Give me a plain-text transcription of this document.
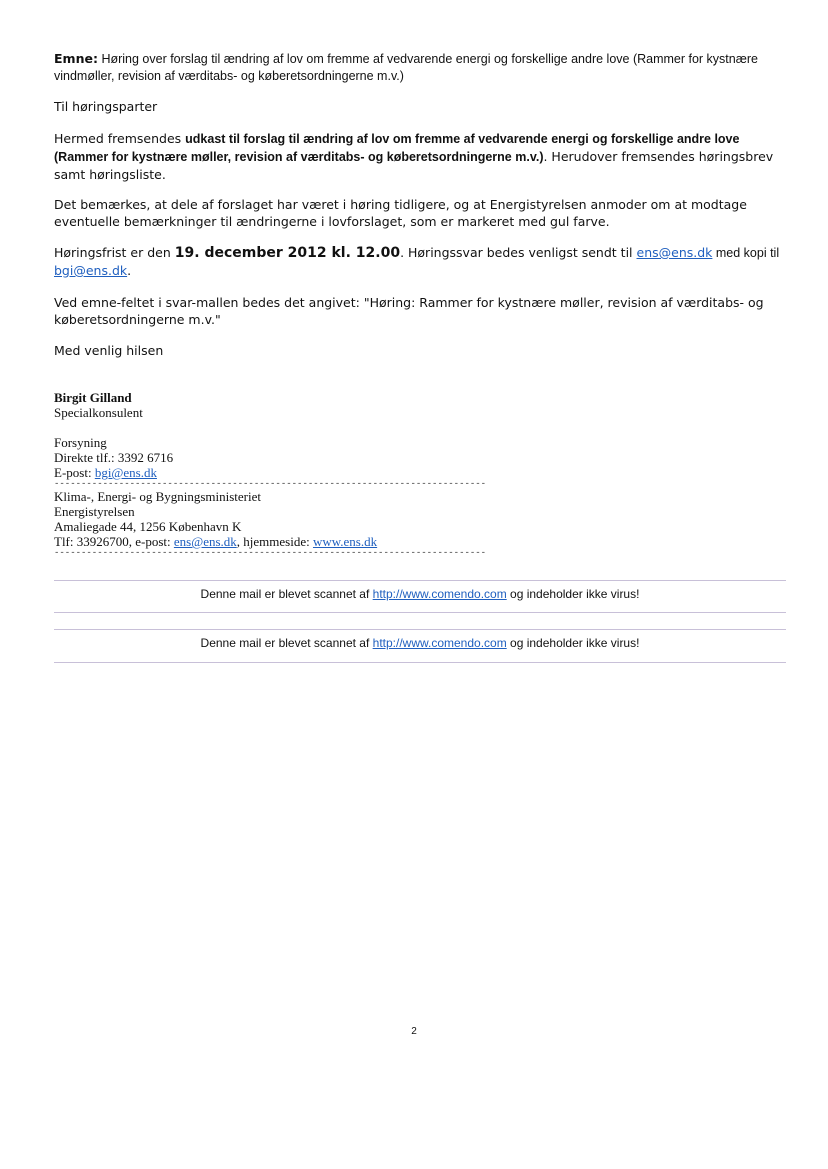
Emne: Høring over forslag til ændring af lov om fremme af vedvarende energi og forskellige andre love (Rammer for kystnære vindmøller, revision af værditabs- og køberetsordningerne m.v.)
Til høringsparter
Hermed fremsendes udkast til forslag til ændring af lov om fremme af vedvarende energi og forskellige andre love (Rammer for kystnære møller, revision af værditabs- og køberetsordningerne m.v.). Herudover fremsendes høringsbrev samt høringsliste.
Det bemærkes, at dele af forslaget har været i høring tidligere, og at Energistyrelsen anmoder om at modtage eventuelle bemærkninger til ændringerne i lovforslaget, som er markeret med gul farve.
Høringsfrist er den 19. december 2012 kl. 12.00. Høringssvar bedes venligst sendt til ens@ens.dk med kopi til bgi@ens.dk.
Ved emne-feltet i svar-mallen bedes det angivet: "Høring: Rammer for kystnære møller, revision af værditabs- og køberetsordningerne m.v."
Med venlig hilsen
Birgit Gilland
Specialkonsulent
Forsyning
Direkte tlf.: 3392 6716
E-post: bgi@ens.dk
--------------------------------------------------------------------------------
Klima-, Energi- og Bygningsministeriet
Energistyrelsen
Amaliegade 44, 1256 København K
Tlf: 33926700, e-post: ens@ens.dk, hjemmeside: www.ens.dk
--------------------------------------------------------------------------------
Denne mail er blevet scannet af http://www.comendo.com og indeholder ikke virus!
Denne mail er blevet scannet af http://www.comendo.com og indeholder ikke virus!
2
